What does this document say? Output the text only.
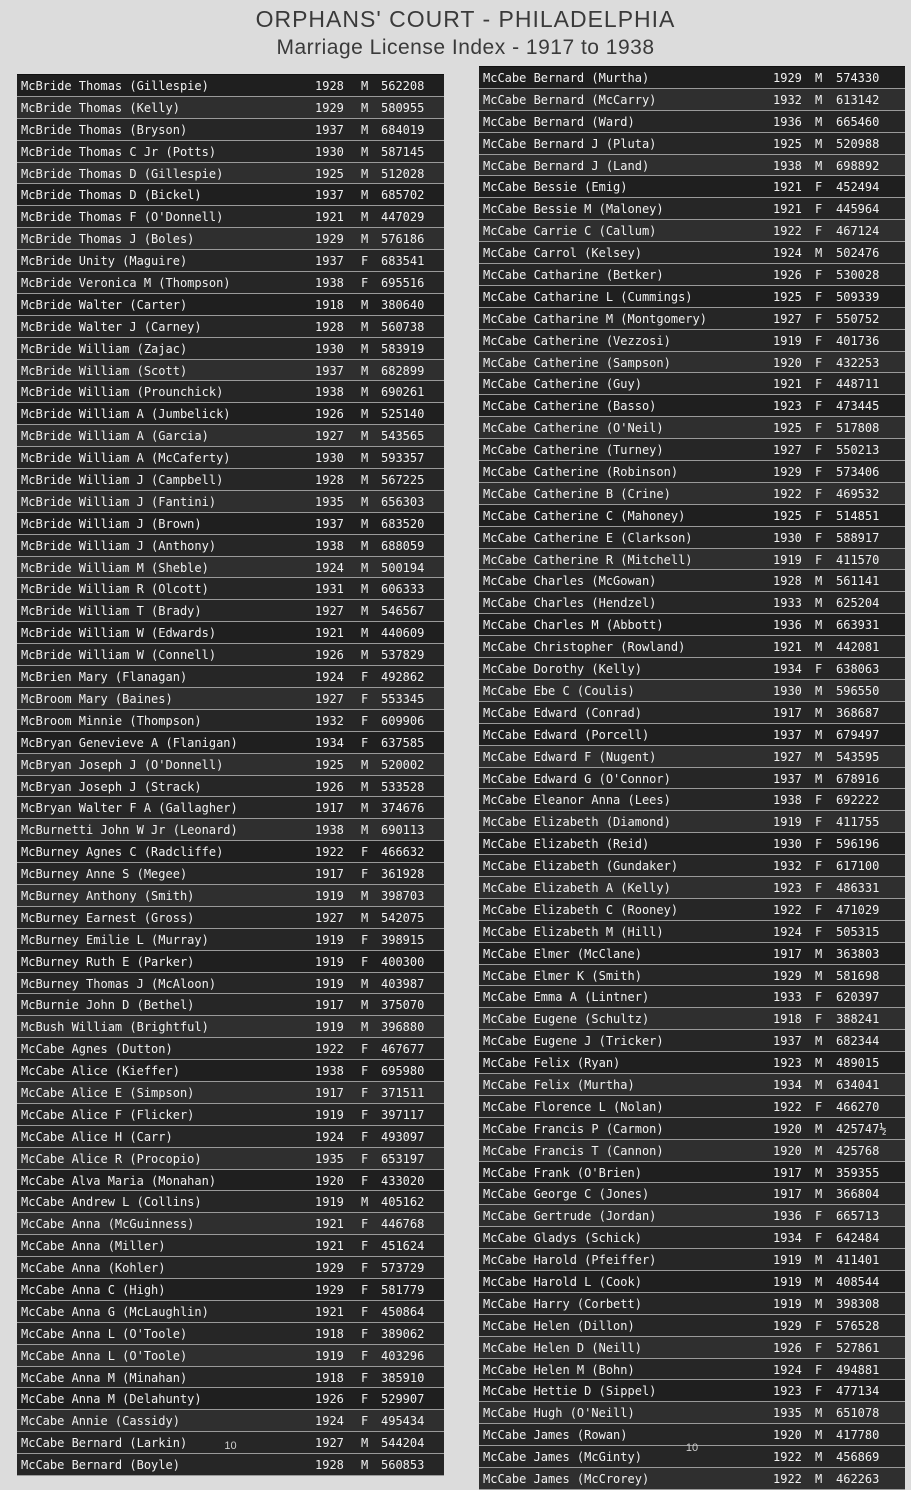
ORPHANS' COURT - PHILADELPHIA
Marriage License Index - 1917 to 1938
McBride Thomas (Gillespie)	1928 M 562208
McBride Thomas (Kelly)	1929 M 580955
McBride Thomas (Bryson)	1937 M 684019
McBride Thomas C Jr (Potts)	1930 M 587145
McBride Thomas D (Gillespie)	1925 M 512028
McBride Thomas D (Bickel)	1937 M 685702
McBride Thomas F (O'Donnell)	1921 M 447029
McBride Thomas J (Boles)	1929 M 576186
McBride Unity (Maguire)	1937 F 683541
McBride Veronica M (Thompson)	1938 F 695516
McBride Walter (Carter)	1918 M 380640
McBride Walter J (Carney)	1928 M 560738
McBride William (Zajac)	1930 M 583919
McBride William (Scott)	1937 M 682899
McBride William (Prounchick)	1938 M 690261
McBride William A (Jumbelick)	1926 M 525140
McBride William A (Garcia)	1927 M 543565
McBride William A (McCaferty)	1930 M 593357
McBride William J (Campbell)	1928 M 567225
McBride William J (Fantini)	1935 M 656303
McBride William J (Brown)	1937 M 683520
McBride William J (Anthony)	1938 M 688059
McBride William M (Sheble)	1924 M 500194
McBride William R (Olcott)	1931 M 606333
McBride William T (Brady)	1927 M 546567
McBride William W (Edwards)	1921 M 440609
McBride William W (Connell)	1926 M 537829
McBrien Mary (Flanagan)	1924 F 492862
McBroom Mary (Baines)	1927 F 553345
McBroom Minnie (Thompson)	1932 F 609906
McBryan Genevieve A (Flanigan)	1934 F 637585
McBryan Joseph J (O'Donnell)	1925 M 520002
McBryan Joseph J (Strack)	1926 M 533528
McBryan Walter F A (Gallagher)	1917 M 374676
McBurnetti John W Jr (Leonard)	1938 M 690113
McBurney Agnes C (Radcliffe)	1922 F 466632
McBurney Anne S (Megee)	1917 F 361928
McBurney Anthony (Smith)	1919 M 398703
McBurney Earnest (Gross)	1927 M 542075
McBurney Emilie L (Murray)	1919 F 398915
McBurney Ruth E (Parker)	1919 F 400300
McBurney Thomas J (McAloon)	1919 M 403987
McBurnie John D (Bethel)	1917 M 375070
McBush William (Brightful)	1919 M 396880
McCabe Agnes (Dutton)	1922 F 467677
McCabe Alice (Kieffer)	1938 F 695980
McCabe Alice E (Simpson)	1917 F 371511
McCabe Alice F (Flicker)	1919 F 397117
McCabe Alice H (Carr)	1924 F 493097
McCabe Alice R (Procopio)	1935 F 653197
McCabe Alva Maria (Monahan)	1920 F 433020
McCabe Andrew L (Collins)	1919 M 405162
McCabe Anna (McGuinness)	1921 F 446768
McCabe Anna (Miller)	1921 F 451624
McCabe Anna (Kohler)	1929 F 573729
McCabe Anna C (High)	1929 F 581779
McCabe Anna G (McLaughlin)	1921 F 450864
McCabe Anna L (O'Toole)	1918 F 389062
McCabe Anna L (O'Toole)	1919 F 403296
McCabe Anna M (Minahan)	1918 F 385910
McCabe Anna M (Delahunty)	1926 F 529907
McCabe Annie (Cassidy)	1924 F 495434
McCabe Bernard (Larkin)	1927 M 544204
McCabe Bernard (Boyle)	1928 M 560853
McCabe Bernard (Murtha)	1929 M 574330
McCabe Bernard (McCarry)	1932 M 613142
McCabe Bernard (Ward)	1936 M 665460
McCabe Bernard J (Pluta)	1925 M 520988
McCabe Bernard J (Land)	1938 M 698892
McCabe Bessie (Emig)	1921 F 452494
McCabe Bessie M (Maloney)	1921 F 445964
McCabe Carrie C (Callum)	1922 F 467124
McCabe Carrol (Kelsey)	1924 M 502476
McCabe Catharine (Betker)	1926 F 530028
McCabe Catharine L (Cummings)	1925 F 509339
McCabe Catharine M (Montgomery)	1927 F 550752
McCabe Catherine (Vezzosi)	1919 F 401736
McCabe Catherine (Sampson)	1920 F 432253
McCabe Catherine (Guy)	1921 F 448711
McCabe Catherine (Basso)	1923 F 473445
McCabe Catherine (O'Neil)	1925 F 517808
McCabe Catherine (Turney)	1927 F 550213
McCabe Catherine (Robinson)	1929 F 573406
McCabe Catherine B (Crine)	1922 F 469532
McCabe Catherine C (Mahoney)	1925 F 514851
McCabe Catherine E (Clarkson)	1930 F 588917
McCabe Catherine R (Mitchell)	1919 F 411570
McCabe Charles (McGowan)	1928 M 561141
McCabe Charles (Hendzel)	1933 M 625204
McCabe Charles M (Abbott)	1936 M 663931
McCabe Christopher (Rowland)	1921 M 442081
McCabe Dorothy (Kelly)	1934 F 638063
McCabe Ebe C (Coulis)	1930 M 596550
McCabe Edward (Conrad)	1917 M 368687
McCabe Edward (Porcell)	1937 M 679497
McCabe Edward F (Nugent)	1927 M 543595
McCabe Edward G (O'Connor)	1937 M 678916
McCabe Eleanor Anna (Lees)	1938 F 692222
McCabe Elizabeth (Diamond)	1919 F 411755
McCabe Elizabeth (Reid)	1930 F 596196
McCabe Elizabeth (Gundaker)	1932 F 617100
McCabe Elizabeth A (Kelly)	1923 F 486331
McCabe Elizabeth C (Rooney)	1922 F 471029
McCabe Elizabeth M (Hill)	1924 F 505315
McCabe Elmer (McClane)	1917 M 363803
McCabe Elmer K (Smith)	1929 M 581698
McCabe Emma A (Lintner)	1933 F 620397
McCabe Eugene (Schultz)	1918 F 388241
McCabe Eugene J (Tricker)	1937 M 682344
McCabe Felix (Ryan)	1923 M 489015
McCabe Felix (Murtha)	1934 M 634041
McCabe Florence L (Nolan)	1922 F 466270
McCabe Francis P (Carmon)	1920 M 425747½
McCabe Francis T (Cannon)	1920 M 425768
McCabe Frank (O'Brien)	1917 M 359355
McCabe George C (Jones)	1917 M 366804
McCabe Gertrude (Jordan)	1936 F 665713
McCabe Gladys (Schick)	1934 F 642484
McCabe Harold (Pfeiffer)	1919 M 411401
McCabe Harold L (Cook)	1919 M 408544
McCabe Harry (Corbett)	1919 M 398308
McCabe Helen (Dillon)	1929 F 576528
McCabe Helen D (Neill)	1926 F 527861
McCabe Helen M (Bohn)	1924 F 494881
McCabe Hettie D (Sippel)	1923 F 477134
McCabe Hugh (O'Neill)	1935 M 651078
McCabe James (Rowan)	1920 M 417780
McCabe James (McGinty)	1922 M 456869
McCabe James (McCrorey)	1922 M 462263
10	10
